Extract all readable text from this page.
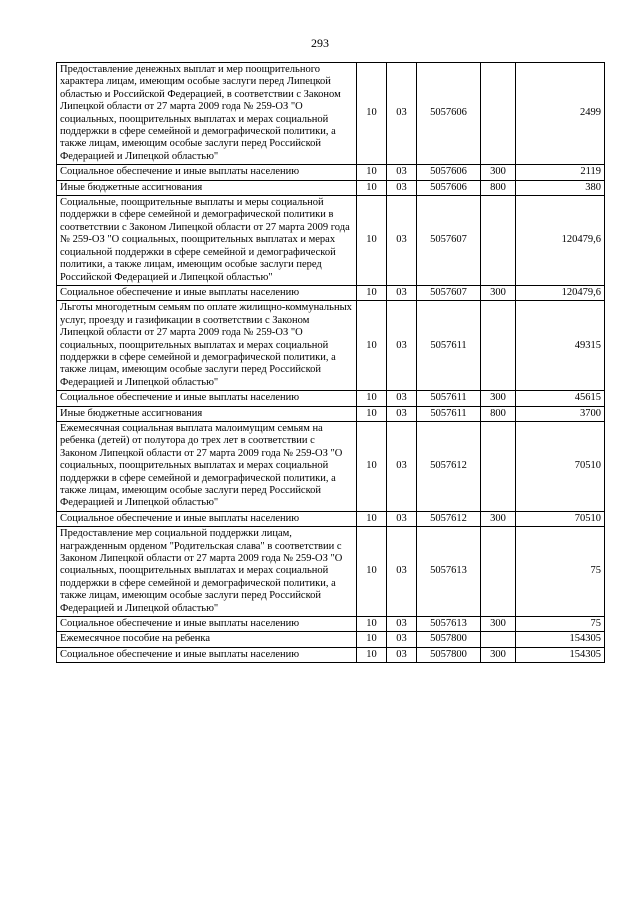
293
Предоставление денежных выплат и мер поощрительного характера лицам, имеющим особые заслуги перед Липецкой областью и Российской Федерацией, в соответствии с Законом Липецкой области от 27 марта 2009 года № 259-ОЗ "О социальных, поощрительных выплатах и мерах социальной поддержки в сфере семейной и демографической политики, а также лицам, имеющим особые заслуги перед Российской Федерацией и Липецкой областью"	10	03	5057606		2499
Социальное обеспечение и иные выплаты населению	10	03	5057606	300	2119
Иные бюджетные ассигнования	10	03	5057606	800	380
Социальные, поощрительные выплаты и меры социальной поддержки в сфере семейной и демографической политики в соответствии с Законом Липецкой области от 27 марта 2009 года № 259-ОЗ "О социальных, поощрительных выплатах и мерах социальной поддержки в сфере семейной и демографической политики, а также лицам, имеющим особые заслуги перед Российской Федерацией и Липецкой областью"	10	03	5057607		120479,6
Социальное обеспечение и иные выплаты населению	10	03	5057607	300	120479,6
Льготы многодетным семьям по оплате жилищно-коммунальных услуг, проезду и газификации в соответствии с Законом Липецкой области от 27 марта 2009 года № 259-ОЗ "О социальных, поощрительных выплатах и мерах социальной поддержки в сфере семейной и демографической политики, а также лицам, имеющим особые заслуги перед Российской Федерацией и Липецкой областью"	10	03	5057611		49315
Социальное обеспечение и иные выплаты населению	10	03	5057611	300	45615
Иные бюджетные ассигнования	10	03	5057611	800	3700
Ежемесячная социальная выплата малоимущим семьям на ребенка (детей) от полутора до трех лет в соответствии с Законом Липецкой области от 27 марта 2009 года № 259-ОЗ "О социальных, поощрительных выплатах и мерах социальной поддержки в сфере семейной и демографической политики, а также лицам, имеющим особые заслуги перед Российской Федерацией и Липецкой областью"	10	03	5057612		70510
Социальное обеспечение и иные выплаты населению	10	03	5057612	300	70510
Предоставление мер социальной поддержки лицам, награжденным орденом "Родительская слава" в соответствии с Законом Липецкой области от 27 марта 2009 года № 259-ОЗ "О социальных, поощрительных выплатах и мерах социальной поддержки в сфере семейной и демографической политики, а также лицам, имеющим особые заслуги перед Российской Федерацией и Липецкой областью"	10	03	5057613		75
Социальное обеспечение и иные выплаты населению	10	03	5057613	300	75
Ежемесячное пособие на ребенка	10	03	5057800		154305
Социальное обеспечение и иные выплаты населению	10	03	5057800	300	154305
